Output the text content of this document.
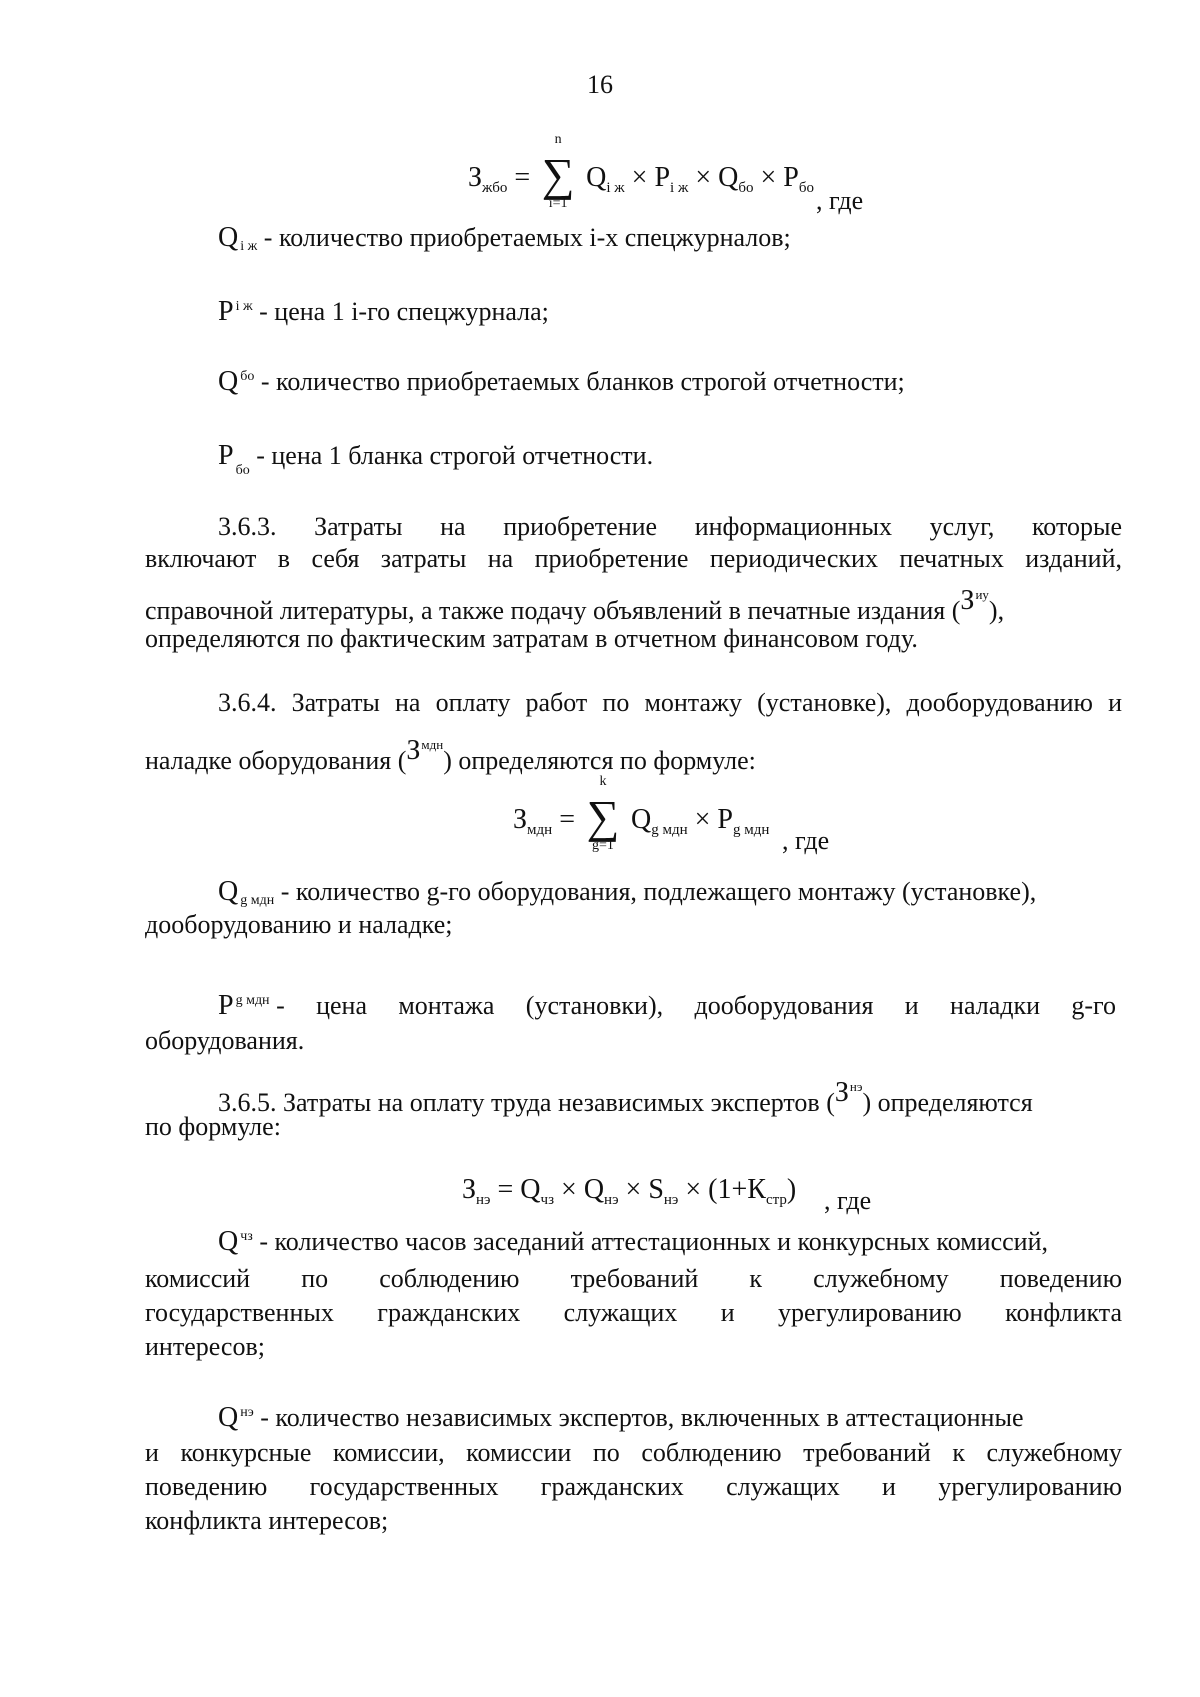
16
$З_{жбо}$ =
n
∑
i=1
$Q_{i ж} \times P_{i ж} \times Q_{бо} \times P_{бо}$ , где
Q $_{i ж}$ - количество приобретаемых i-х спецжурналов;
P $_{i ж}$ - цена 1 i-го спецжурнала;
Q $_{бо}$ - количество приобретаемых бланков строгой отчетности;
P $_{бо}$ - цена 1 бланка строгой отчетности.
3.6.3. Затраты на приобретение информационных услуг, которые
включают в себя затраты на приобретение периодических печатных изданий,
справочной литературы, а также подачу объявлений в печатные издания $(З_{иу})$,
определяются по фактическим затратам в отчетном финансовом году.
3.6.4. Затраты на оплату работ по монтажу (установке), дооборудованию и
наладке оборудования $(З_{мдн})$ определяются по формуле:
$З_{мдн}$ =
k
∑
g=1
$Q_{g мдн} \times P_{g мдн}$ , где
Q $_{g мдн}$ - количество g-го оборудования, подлежащего монтажу (установке),
дооборудованию и наладке;
P $_{g мдн}$ - цена монтажа (установки), дооборудования и наладки g-го
оборудования.
3.6.5. Затраты на оплату труда независимых экспертов $(З_{нэ})$ определяются
по формуле:
$З_{нэ} = Q_{чз} \times Q_{нэ} \times S_{нэ} \times (1+К_{стр})$ , где
Q $_{чз}$ - количество часов заседаний аттестационных и конкурсных комиссий,
комиссий по соблюдению требований к служебному поведению
государственных гражданских служащих и урегулированию конфликта
интересов;
Q $_{нэ}$ - количество независимых экспертов, включенных в аттестационные
и конкурсные комиссии, комиссии по соблюдению требований к служебному
поведению государственных гражданских служащих и урегулированию
конфликта интересов;
